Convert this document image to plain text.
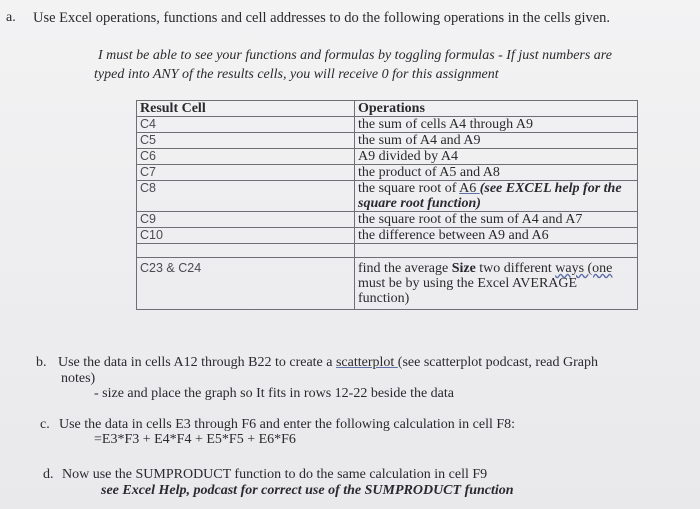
a. Use Excel operations, functions and cell addresses to do the following operations in the cells given.
I must be able to see your functions and formulas by toggling formulas - If just numbers are
typed into ANY of the results cells, you will receive 0 for this assignment
Result Cell	Operations
C4	the sum of cells A4 through A9
C5	the sum of A4 and A9
C6	A9 divided by A4
C7	the product of A5 and A8
C8	the square root of A6 (see EXCEL help for the square root function)
C9	the square root of the sum of A4 and A7
C10	the difference between A9 and A6

C23 & C24	find the average Size two different ways (one
must be by using the Excel AVERAGE
function)
b. Use the data in cells A12 through B22 to create a scatterplot (see scatterplot podcast, read Graph
notes)
- size and place the graph so It fits in rows 12-22 beside the data
c. Use the data in cells E3 through F6 and enter the following calculation in cell F8:
=E3*F3 + E4*F4 + E5*F5 + E6*F6
d. Now use the SUMPRODUCT function to do the same calculation in cell F9
see Excel Help, podcast for correct use of the SUMPRODUCT function
